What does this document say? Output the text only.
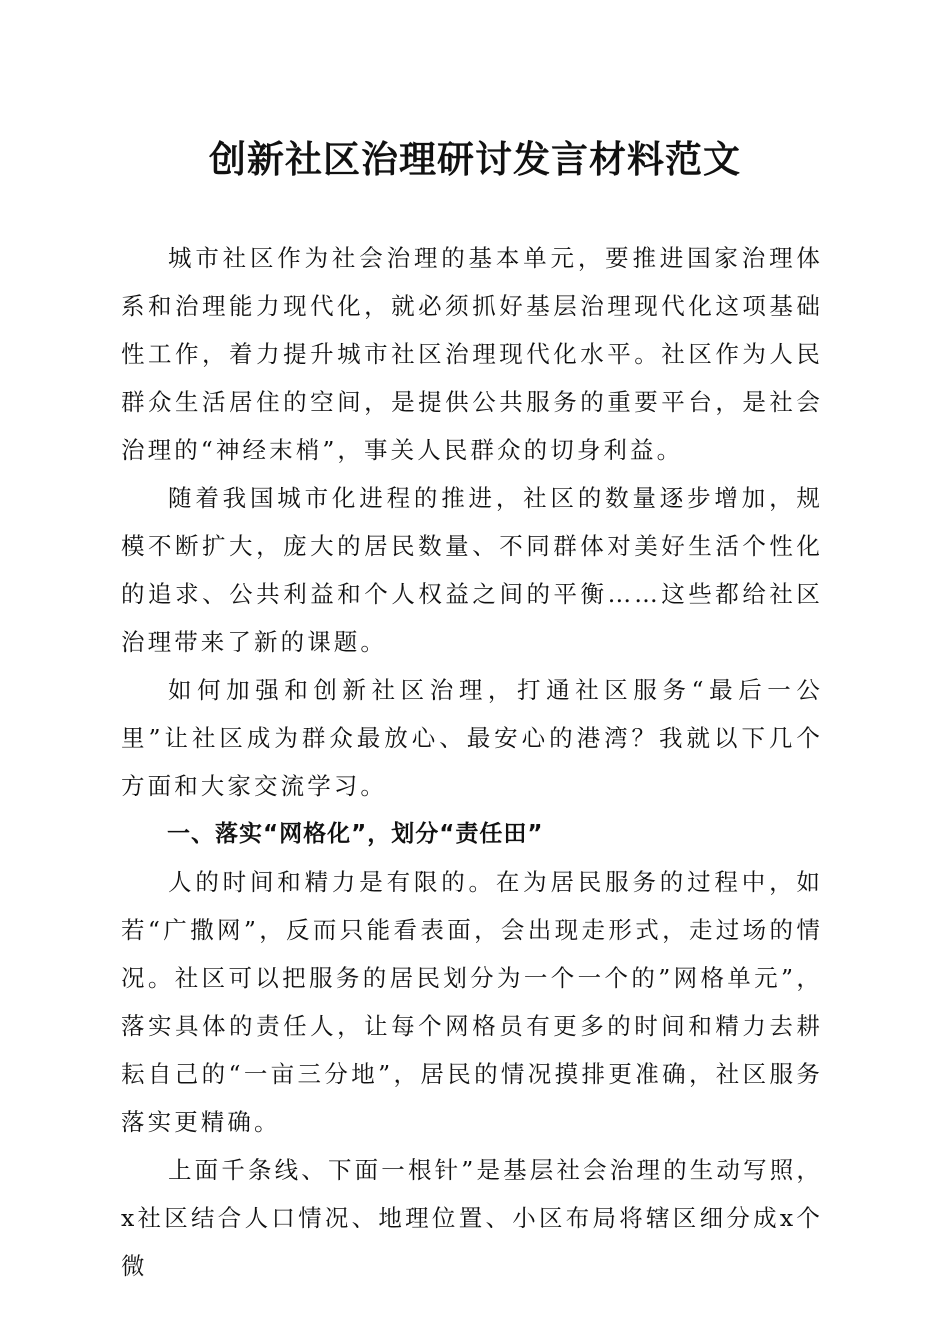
创新社区治理研讨发言材料范文

城市社区作为社会治理的基本单元，要推进国家治理体系和治理能力现代化，就必须抓好基层治理现代化这项基础性工作，着力提升城市社区治理现代化水平。社区作为人民群众生活居住的空间，是提供公共服务的重要平台，是社会治理的“神经末梢”，事关人民群众的切身利益。

随着我国城市化进程的推进，社区的数量逐步增加，规模不断扩大，庞大的居民数量、不同群体对美好生活个性化的追求、公共利益和个人权益之间的平衡……这些都给社区治理带来了新的课题。

如何加强和创新社区治理，打通社区服务“最后一公里”让社区成为群众最放心、最安心的港湾？我就以下几个方面和大家交流学习。

一、落实“网格化”，划分“责任田”

人的时间和精力是有限的。在为居民服务的过程中，如若“广撒网”，反而只能看表面，会出现走形式，走过场的情况。社区可以把服务的居民划分为一个一个的”网格单元”，落实具体的责任人，让每个网格员有更多的时间和精力去耕耘自己的“一亩三分地”，居民的情况摸排更准确，社区服务落实更精确。

上面千条线、下面一根针”是基层社会治理的生动写照，x社区结合人口情况、地理位置、小区布局将辖区细分成x个微
